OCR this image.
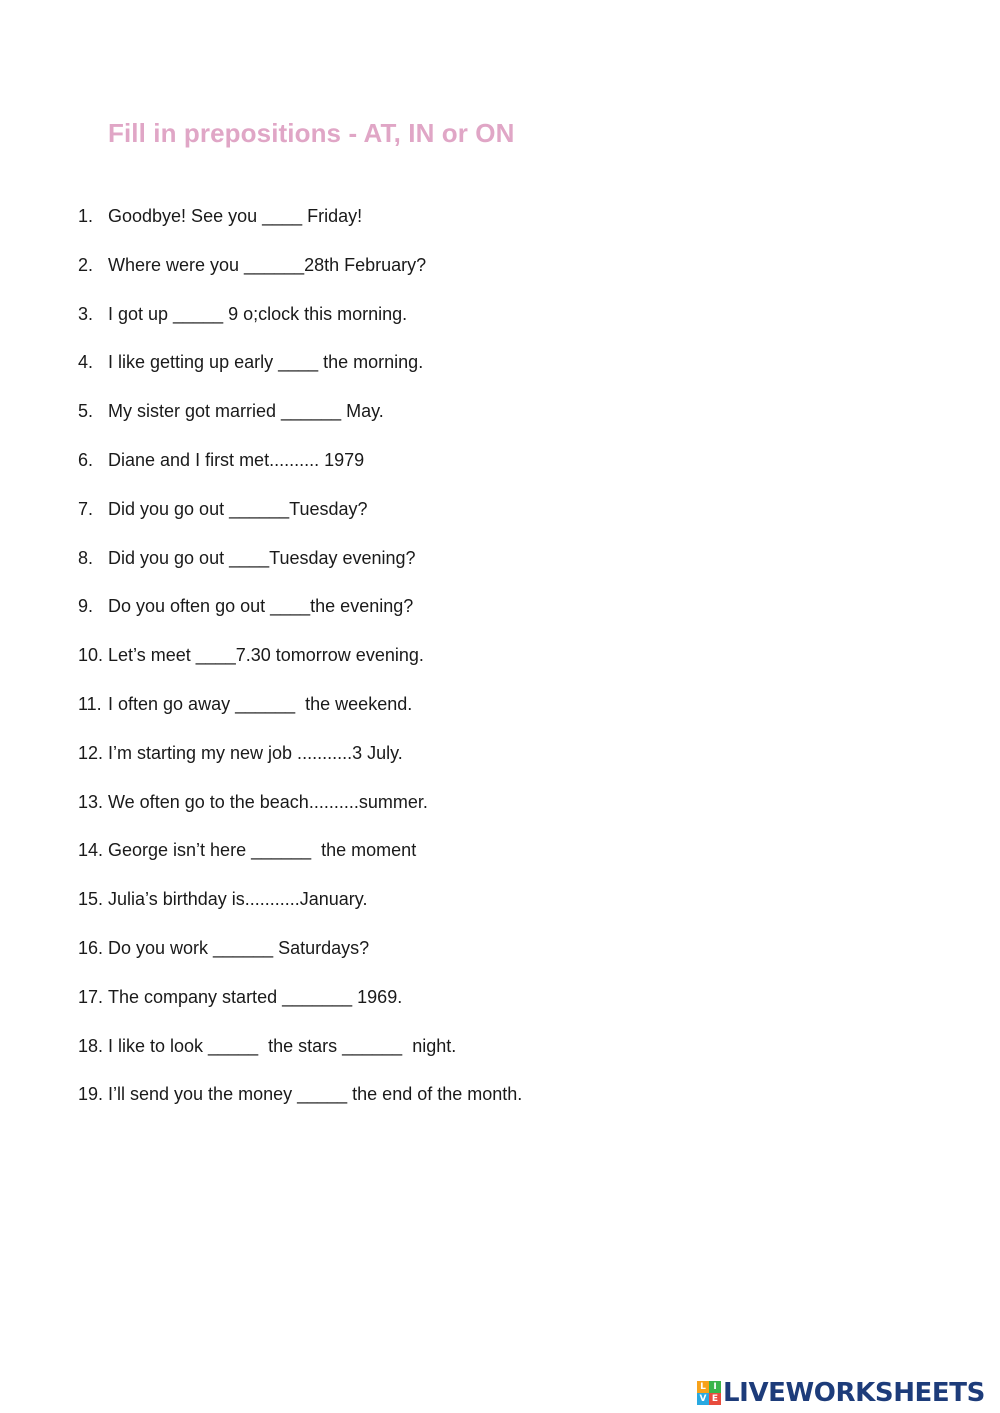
Fill in prepositions - AT, IN or ON
1. Goodbye! See you ____ Friday!
2. Where were you ______28th February?
3. I got up _____ 9 o;clock this morning.
4. I like getting up early ____ the morning.
5. My sister got married ______ May.
6. Diane and I first met.......... 1979
7. Did you go out ______Tuesday?
8. Did you go out ____Tuesday evening?
9. Do you often go out ____the evening?
10. Let’s meet ____7.30 tomorrow evening.
11. I often go away ______  the weekend.
12. I’m starting my new job ...........3 July.
13. We often go to the beach..........summer.
14. George isn’t here ______  the moment
15. Julia’s birthday is...........January.
16. Do you work ______ Saturdays?
17. The company started _______ 1969.
18. I like to look _____  the stars ______  night.
19. I’ll send you the money _____ the end of the month.
L I
V E LIVEWORKSHEETS
